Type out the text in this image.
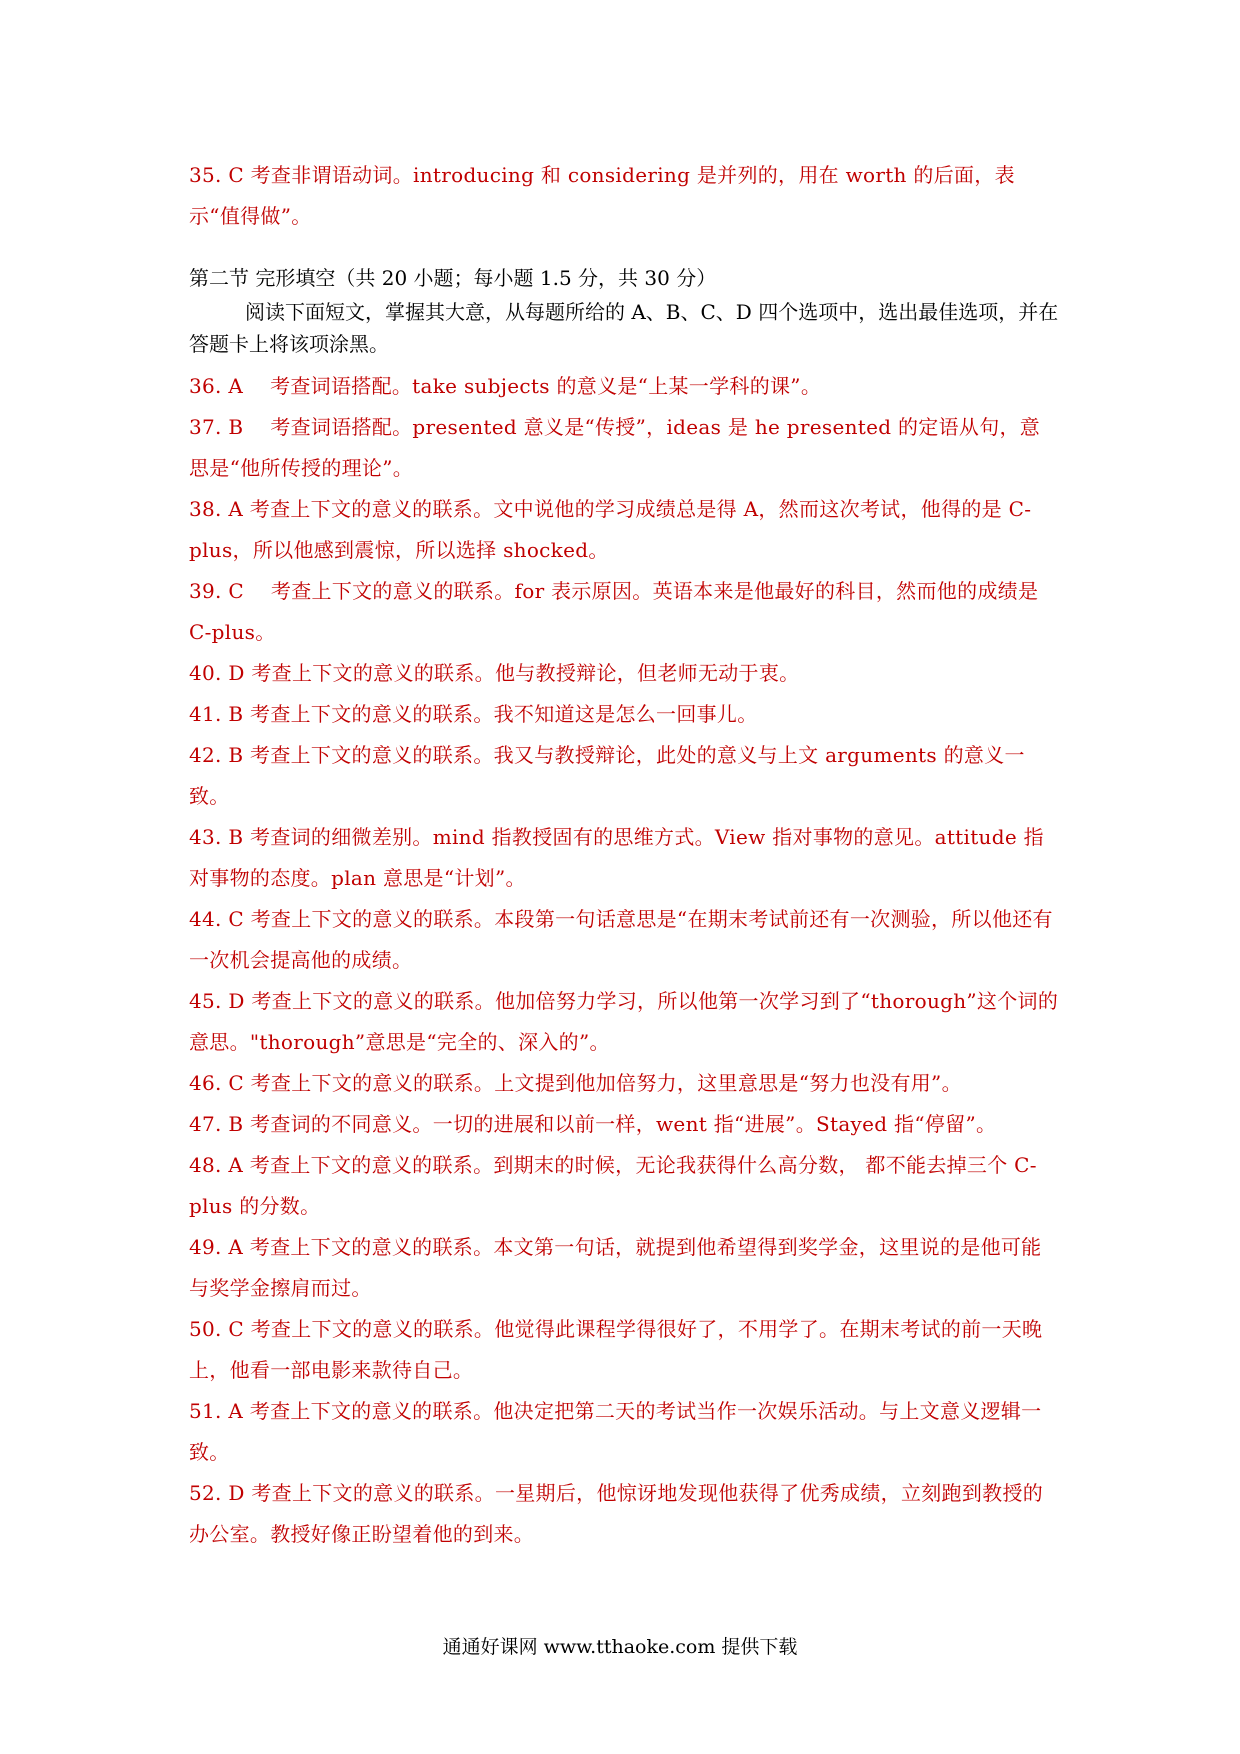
35. C 考查非谓语动词。introducing 和 considering 是并列的，用在 worth 的后面，表示“值得做”。

第二节 完形填空（共 20 小题；每小题 1.5 分，共 30 分）

阅读下面短文，掌握其大意，从每题所给的 A、B、C、D 四个选项中，选出最佳选项，并在答题卡上将该项涂黑。

36. A　 考查词语搭配。take subjects 的意义是“上某一学科的课”。

37. B　 考查词语搭配。presented 意义是“传授”，ideas 是 he presented 的定语从句，意思是“他所传授的理论”。

38. A 考查上下文的意义的联系。文中说他的学习成绩总是得 A，然而这次考试，他得的是 C-plus，所以他感到震惊，所以选择 shocked。

39. C　 考查上下文的意义的联系。for 表示原因。英语本来是他最好的科目，然而他的成绩是 C-plus。

40. D 考查上下文的意义的联系。他与教授辩论，但老师无动于衷。

41. B 考查上下文的意义的联系。我不知道这是怎么一回事儿。

42. B 考查上下文的意义的联系。我又与教授辩论，此处的意义与上文 arguments 的意义一致。

43. B 考查词的细微差别。mind 指教授固有的思维方式。View 指对事物的意见。attitude 指对事物的态度。plan 意思是“计划”。

44. C 考查上下文的意义的联系。本段第一句话意思是“在期末考试前还有一次测验，所以他还有一次机会提高他的成绩。

45. D 考查上下文的意义的联系。他加倍努力学习，所以他第一次学习到了“thorough”这个词的意思。"thorough”意思是“完全的、深入的”。

46. C 考查上下文的意义的联系。上文提到他加倍努力，这里意思是“努力也没有用”。

47. B 考查词的不同意义。一切的进展和以前一样，went 指“进展”。Stayed 指“停留”。

48. A 考查上下文的意义的联系。到期末的时候，无论我获得什么高分数， 都不能去掉三个 C-plus 的分数。

49. A 考查上下文的意义的联系。本文第一句话，就提到他希望得到奖学金，这里说的是他可能与奖学金擦肩而过。

50. C 考查上下文的意义的联系。他觉得此课程学得很好了，不用学了。在期末考试的前一天晚上，他看一部电影来款待自己。

51. A 考查上下文的意义的联系。他决定把第二天的考试当作一次娱乐活动。与上文意义逻辑一致。

52. D 考查上下文的意义的联系。一星期后，他惊讶地发现他获得了优秀成绩，立刻跑到教授的办公室。教授好像正盼望着他的到来。

通通好课网 www.tthaoke.com 提供下载
